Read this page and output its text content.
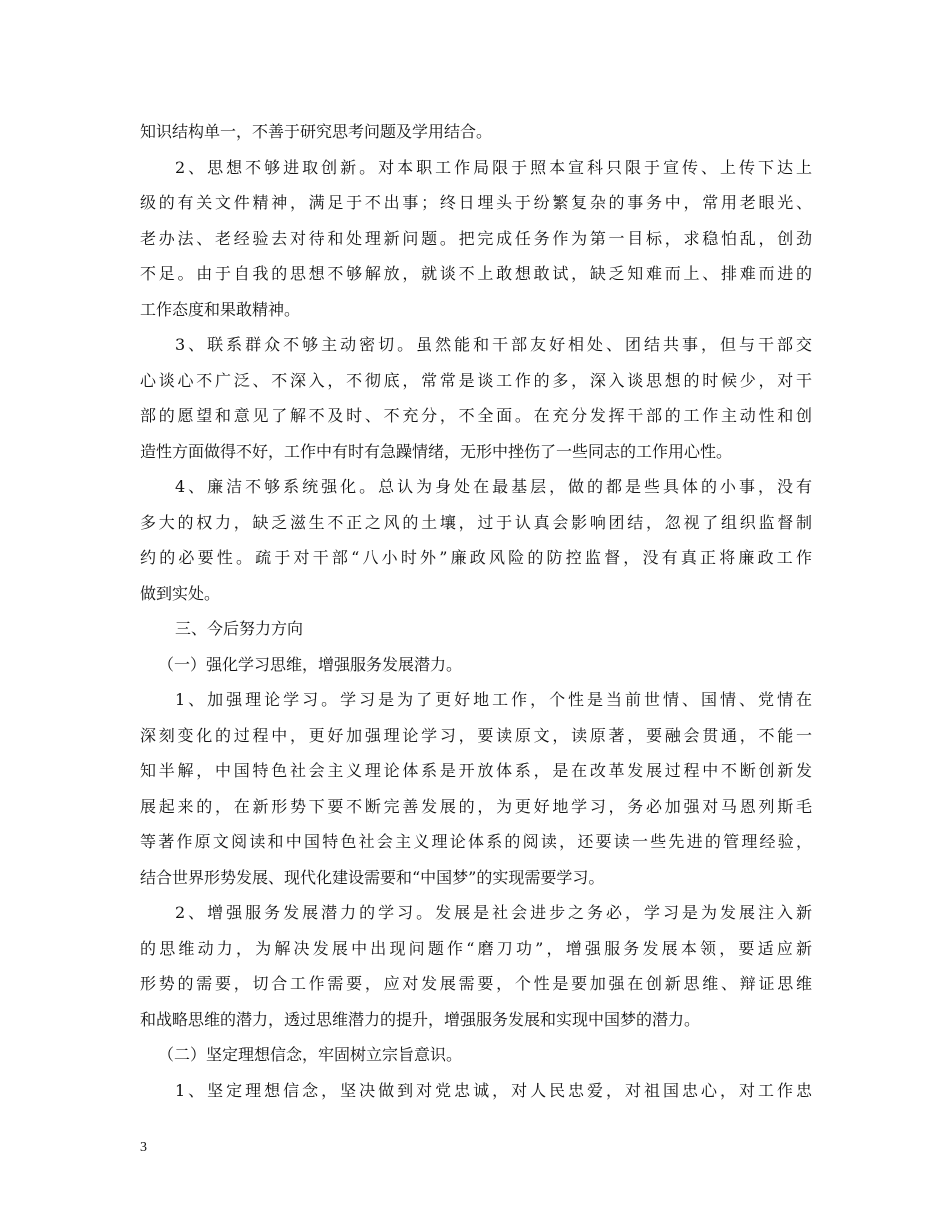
知识结构单一，不善于研究思考问题及学用结合。
2、思想不够进取创新。对本职工作局限于照本宣科只限于宣传、上传下达上
级的有关文件精神，满足于不出事；终日埋头于纷繁复杂的事务中，常用老眼光、
老办法、老经验去对待和处理新问题。把完成任务作为第一目标，求稳怕乱，创劲
不足。由于自我的思想不够解放，就谈不上敢想敢试，缺乏知难而上、排难而进的
工作态度和果敢精神。
3、联系群众不够主动密切。虽然能和干部友好相处、团结共事，但与干部交
心谈心不广泛、不深入，不彻底，常常是谈工作的多，深入谈思想的时候少，对干
部的愿望和意见了解不及时、不充分，不全面。在充分发挥干部的工作主动性和创
造性方面做得不好，工作中有时有急躁情绪，无形中挫伤了一些同志的工作用心性。
4、廉洁不够系统强化。总认为身处在最基层，做的都是些具体的小事，没有
多大的权力，缺乏滋生不正之风的土壤，过于认真会影响团结，忽视了组织监督制
约的必要性。疏于对干部“八小时外”廉政风险的防控监督，没有真正将廉政工作
做到实处。
三、今后努力方向
（一）强化学习思维，增强服务发展潜力。
1、加强理论学习。学习是为了更好地工作，个性是当前世情、国情、党情在
深刻变化的过程中，更好加强理论学习，要读原文，读原著，要融会贯通，不能一
知半解，中国特色社会主义理论体系是开放体系，是在改革发展过程中不断创新发
展起来的，在新形势下要不断完善发展的，为更好地学习，务必加强对马恩列斯毛
等著作原文阅读和中国特色社会主义理论体系的阅读，还要读一些先进的管理经验，
结合世界形势发展、现代化建设需要和“中国梦”的实现需要学习。
2、增强服务发展潜力的学习。发展是社会进步之务必，学习是为发展注入新
的思维动力，为解决发展中出现问题作“磨刀功”，增强服务发展本领，要适应新
形势的需要，切合工作需要，应对发展需要，个性是要加强在创新思维、辩证思维
和战略思维的潜力，透过思维潜力的提升，增强服务发展和实现中国梦的潜力。
（二）坚定理想信念，牢固树立宗旨意识。
1、坚定理想信念，坚决做到对党忠诚，对人民忠爱，对祖国忠心，对工作忠
3
